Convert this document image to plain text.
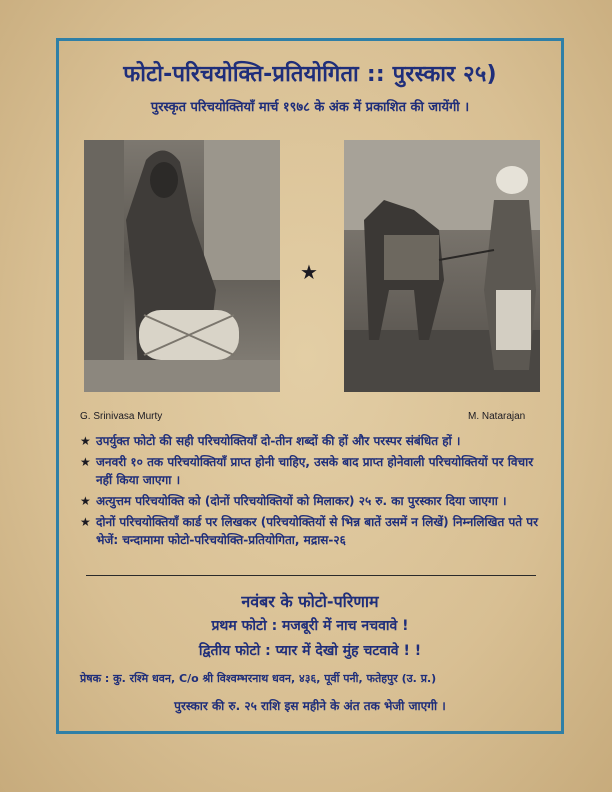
फोटो-परिचयोक्ति-प्रतियोगिता :: पुरस्कार २५)
पुरस्कृत परिचयोक्तियाँ मार्च १९७८ के अंक में प्रकाशित की जायेंगी ।
★
G. Srinivasa Murty	M. Natarajan
★ उपर्युक्त फोटो की सही परिचयोक्तियाँ दो-तीन शब्दों की हों और परस्पर संबंधित हों ।
★ जनवरी १० तक परिचयोक्तियाँ प्राप्त होनी चाहिए, उसके बाद प्राप्त होनेवाली परिचयोक्तियों पर विचार नहीं किया जाएगा ।
★ अत्युत्तम परिचयोक्ति को (दोनों परिचयोक्तियों को मिलाकर) २५ रु. का पुरस्कार दिया जाएगा ।
★ दोनों परिचयोक्तियाँ कार्ड पर लिखकर (परिचयोक्तियों से भिन्न बातें उसमें न लिखें) निम्नलिखित पते पर भेजें: चन्दामामा फोटो-परिचयोक्ति-प्रतियोगिता, मद्रास-२६
नवंबर के फोटो-परिणाम
प्रथम फोटो : मजबूरी में नाच नचवावे !
द्वितीय फोटो : प्यार में देखो मुंह चटवावे ! !
प्रेषक : कु. रश्मि धवन, C/o श्री विश्वम्भरनाथ धवन, ४३६, पूर्वी पनी, फतेहपुर (उ. प्र.)
पुरस्कार की रु. २५ राशि इस महीने के अंत तक भेजी जाएगी ।
